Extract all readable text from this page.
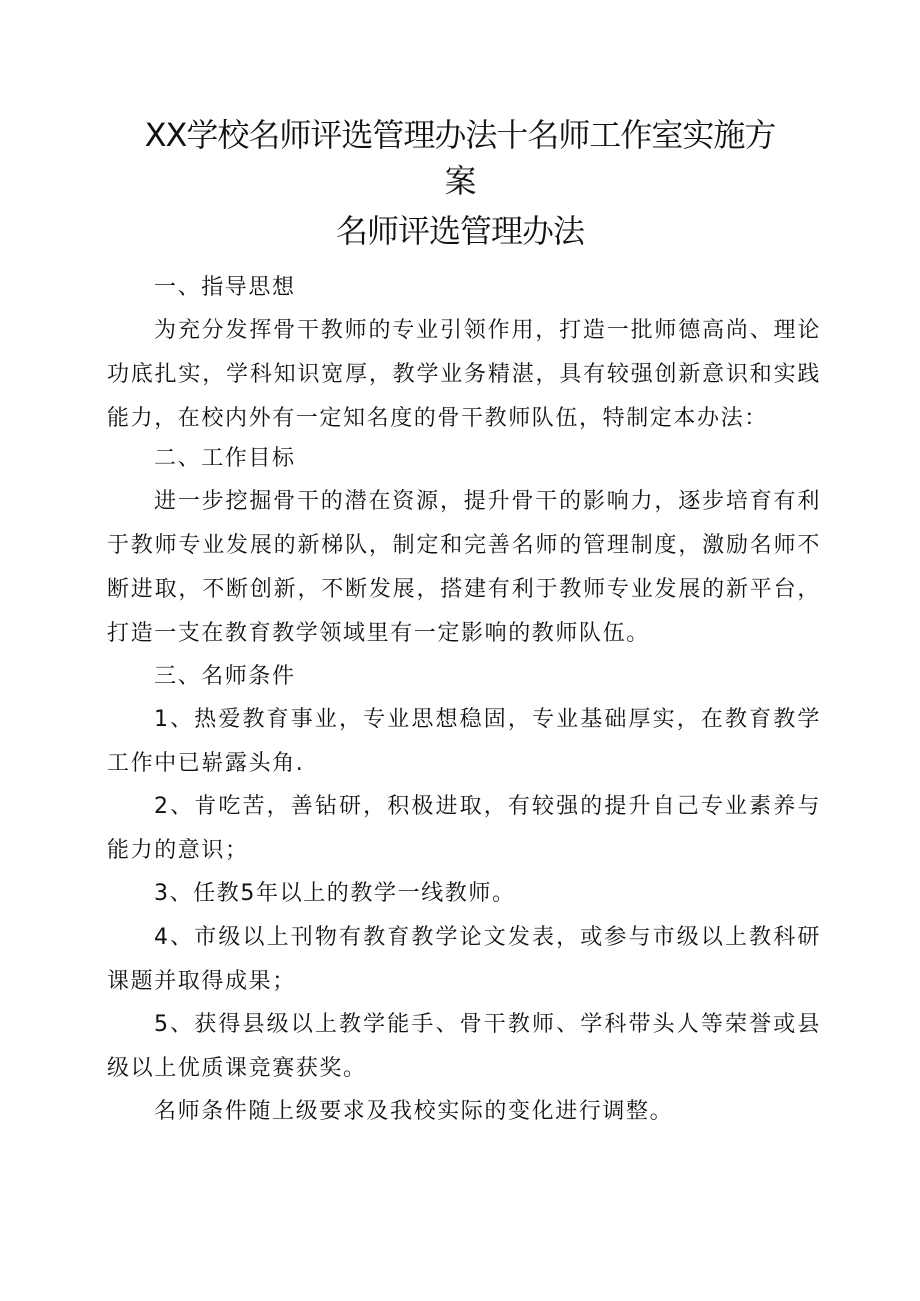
XX学校名师评选管理办法十名师工作室实施方
案
名师评选管理办法

一、指导思想

为充分发挥骨干教师的专业引领作用，打造一批师德高尚、理论功底扎实，学科知识宽厚，教学业务精湛，具有较强创新意识和实践能力，在校内外有一定知名度的骨干教师队伍，特制定本办法：

二、工作目标

进一步挖掘骨干的潜在资源，提升骨干的影响力，逐步培育有利于教师专业发展的新梯队，制定和完善名师的管理制度，激励名师不断进取，不断创新，不断发展，搭建有利于教师专业发展的新平台，打造一支在教育教学领域里有一定影响的教师队伍。

三、名师条件

1、热爱教育事业，专业思想稳固，专业基础厚实，在教育教学工作中已崭露头角.

2、肯吃苦，善钻研，积极进取，有较强的提升自己专业素养与能力的意识；

3、任教5年以上的教学一线教师。

4、市级以上刊物有教育教学论文发表，或参与市级以上教科研课题并取得成果；

5、获得县级以上教学能手、骨干教师、学科带头人等荣誉或县级以上优质课竞赛获奖。

名师条件随上级要求及我校实际的变化进行调整。
